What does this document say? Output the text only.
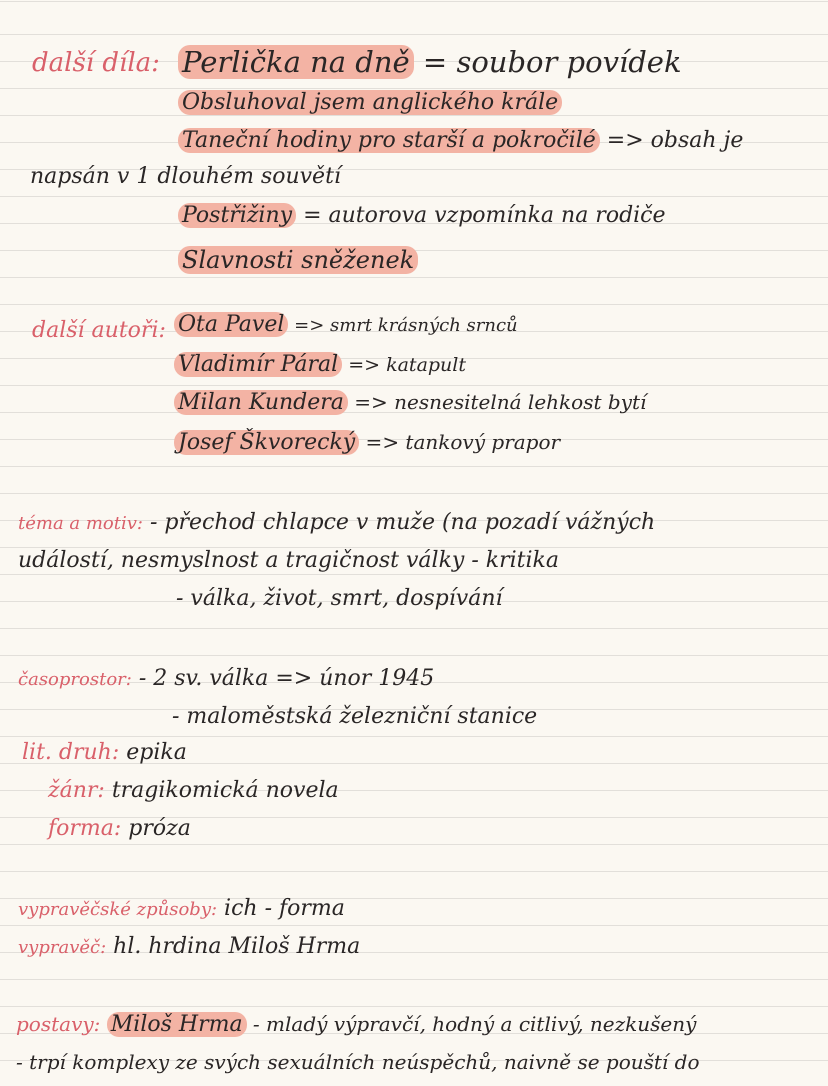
další díla: Perlička na dně = soubor povídek
Obsluhoval jsem anglického krále
Taneční hodiny pro starší a pokročilé => obsah je
napsán v 1 dlouhém souvětí
Postřižiny = autorova vzpomínka na rodiče
Slavnosti sněženek
další autoři: Ota Pavel => smrt krásných srnců
Vladimír Páral => katapult
Milan Kundera => nesnesitelná lehkost bytí
Josef Škvorecký => tankový prapor
téma a motiv: - přechod chlapce v muže (na pozadí vážných
událostí, nesmyslnost a tragičnost války - kritika
- válka, život, smrt, dospívání
časoprostor: - 2 sv. válka => únor 1945
- maloměstská železniční stanice
lit. druh: epika
žánr: tragikomická novela
forma: próza
vypravěčské způsoby: ich - forma
vypravěč: hl. hrdina Miloš Hrma
postavy: Miloš Hrma - mladý výpravčí, hodný a citlivý, nezkušený
- trpí komplexy ze svých sexuálních neúspěchů, naivně se pouští do
